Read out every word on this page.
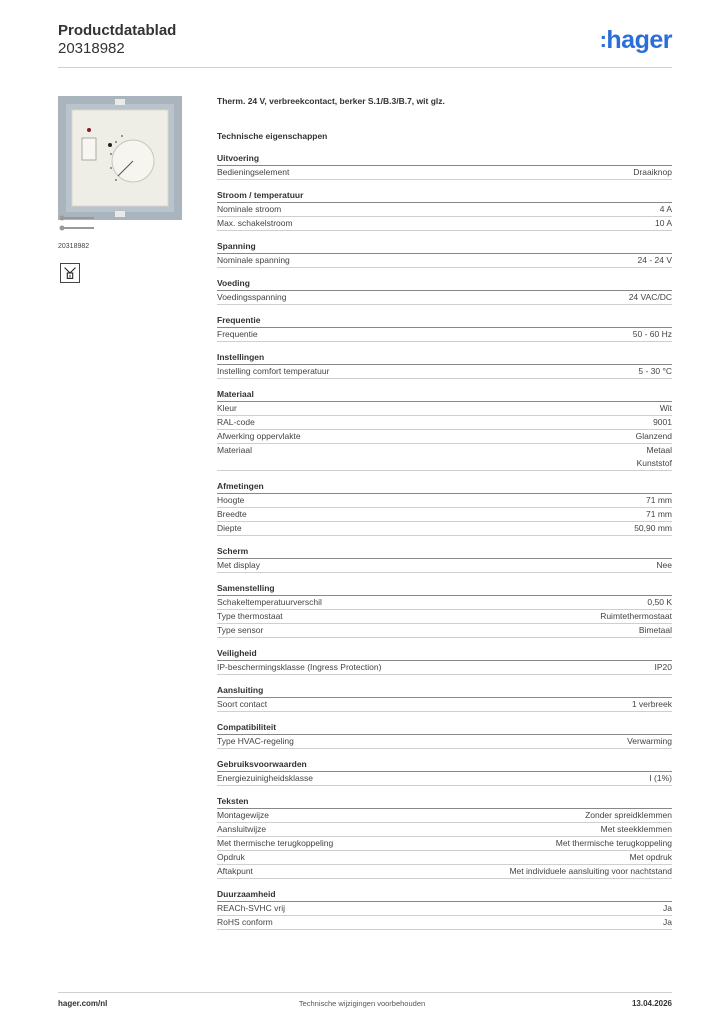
Productdatablad
20318982	:hager
20318982
Therm. 24 V, verbreekcontact, berker S.1/B.3/B.7, wit glz.
Technische eigenschappen
Uitvoering
Bedieningselement	Draaiknop
Stroom / temperatuur
Nominale stroom	4 A
Max. schakelstroom	10 A
Spanning
Nominale spanning	24 - 24 V
Voeding
Voedingsspanning	24 VAC/DC
Frequentie
Frequentie	50 - 60 Hz
Instellingen
Instelling comfort temperatuur	5 - 30 °C
Materiaal
Kleur	Wit
RAL-code	9001
Afwerking oppervlakte	Glanzend
Materiaal	Metaal
Kunststof
Afmetingen
Hoogte	71 mm
Breedte	71 mm
Diepte	50,90 mm
Scherm
Met display	Nee
Samenstelling
Schakeltemperatuurverschil	0,50 K
Type thermostaat	Ruimtethermostaat
Type sensor	Bimetaal
Veiligheid
IP-beschermingsklasse (Ingress Protection)	IP20
Aansluiting
Soort contact	1 verbreek
Compatibiliteit
Type HVAC-regeling	Verwarming
Gebruiksvoorwaarden
Energiezuinigheidsklasse	I (1%)
Teksten
Montagewijze	Zonder spreidklemmen
Aansluitwijze	Met steekklemmen
Met thermische terugkoppeling	Met thermische terugkoppeling
Opdruk	Met opdruk
Aftakpunt	Met individuele aansluiting voor nachtstand
Duurzaamheid
REACh-SVHC vrij	Ja
RoHS conform	Ja
hager.com/nl	Technische wijzigingen voorbehouden	13.04.2026
